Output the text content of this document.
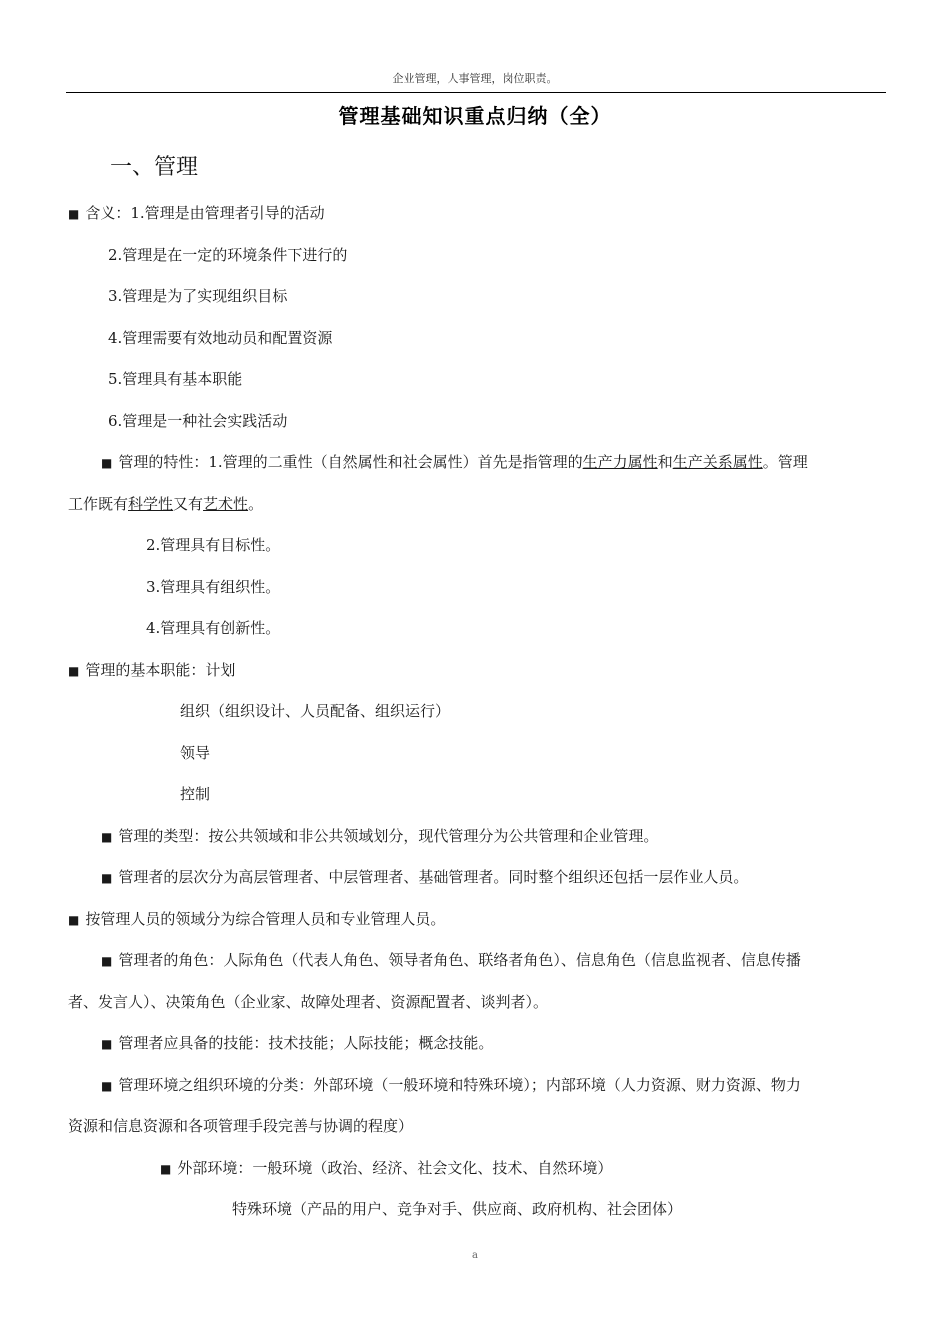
企业管理，人事管理，岗位职责。
管理基础知识重点归纳（全）
一、管理
■ 含义：1.管理是由管理者引导的活动
2.管理是在一定的环境条件下进行的
3.管理是为了实现组织目标
4.管理需要有效地动员和配置资源
5.管理具有基本职能
6.管理是一种社会实践活动
■ 管理的特性：1.管理的二重性（自然属性和社会属性）首先是指管理的生产力属性和生产关系属性。管理
工作既有科学性又有艺术性。
2.管理具有目标性。
3.管理具有组织性。
4.管理具有创新性。
■ 管理的基本职能：计划
组织（组织设计、人员配备、组织运行）
领导
控制
■ 管理的类型：按公共领域和非公共领域划分，现代管理分为公共管理和企业管理。
■ 管理者的层次分为高层管理者、中层管理者、基础管理者。同时整个组织还包括一层作业人员。
■ 按管理人员的领域分为综合管理人员和专业管理人员。
■ 管理者的角色：人际角色（代表人角色、领导者角色、联络者角色）、信息角色（信息监视者、信息传播
者、发言人）、决策角色（企业家、故障处理者、资源配置者、谈判者）。
■ 管理者应具备的技能：技术技能；人际技能；概念技能。
■ 管理环境之组织环境的分类：外部环境（一般环境和特殊环境）；内部环境（人力资源、财力资源、物力
资源和信息资源和各项管理手段完善与协调的程度）
■ 外部环境：一般环境（政治、经济、社会文化、技术、自然环境）
特殊环境（产品的用户、竞争对手、供应商、政府机构、社会团体）
a
